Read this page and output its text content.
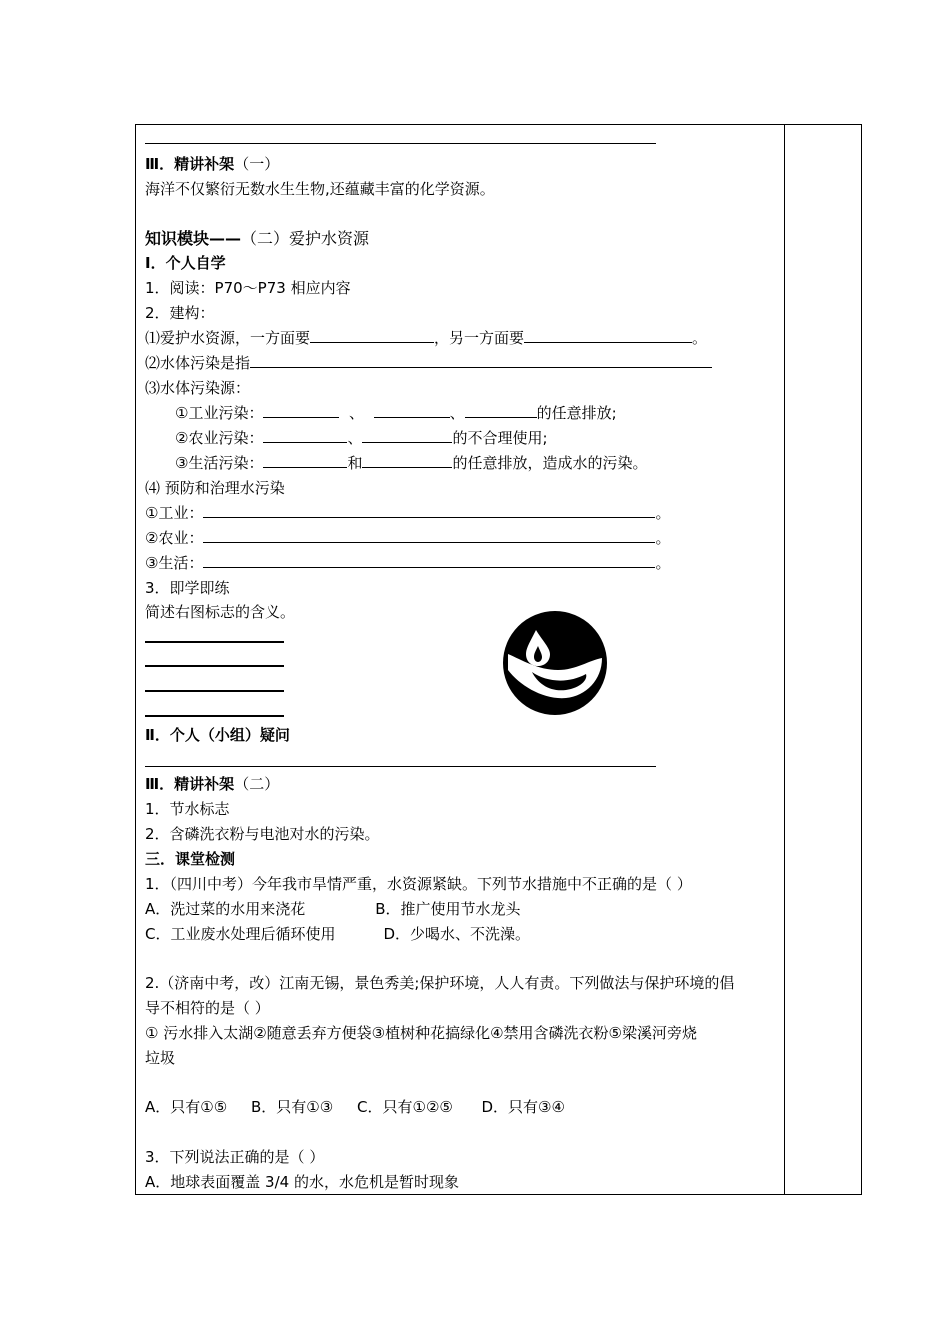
Ⅲ．精讲补架（一）
海洋不仅繁衍无数水生生物,还蕴藏丰富的化学资源。
知识模块——（二）爱护水资源
Ⅰ．个人自学
1．阅读：P70～P73 相应内容
2．建构：
⑴爱护水资源，一方面要	，另一方面要	。
⑵水体污染是指
⑶水体污染源：
①工业污染：	、	、	的任意排放;
②农业污染：	、	的不合理使用;
③生活污染：	和	的任意排放，造成水的污染。
⑷ 预防和治理水污染
①工业：	。
②农业：	。
③生活：	。
3．即学即练
简述右图标志的含义。
Ⅱ．个人（小组）疑问
Ⅲ．精讲补架（二）
1．节水标志
2．含磷洗衣粉与电池对水的污染。
三．课堂检测
1．（四川中考）今年我市旱情严重，水资源紧缺。下列节水措施中不正确的是（ ）
A．洗过菜的水用来浇花	B．推广使用节水龙头
C．工业废水处理后循环使用	D．少喝水、不洗澡。
2.（济南中考，改）江南无锡，景色秀美;保护环境，人人有责。下列做法与保护环境的倡
导不相符的是（ ）
① 污水排入太湖②随意丢弃方便袋③植树种花搞绿化④禁用含磷洗衣粉⑤梁溪河旁烧
垃圾
A．只有①⑤     B．只有①③     C．只有①②⑤      D．只有③④
3．下列说法正确的是（ ）
A．地球表面覆盖 3/4 的水，水危机是暂时现象
